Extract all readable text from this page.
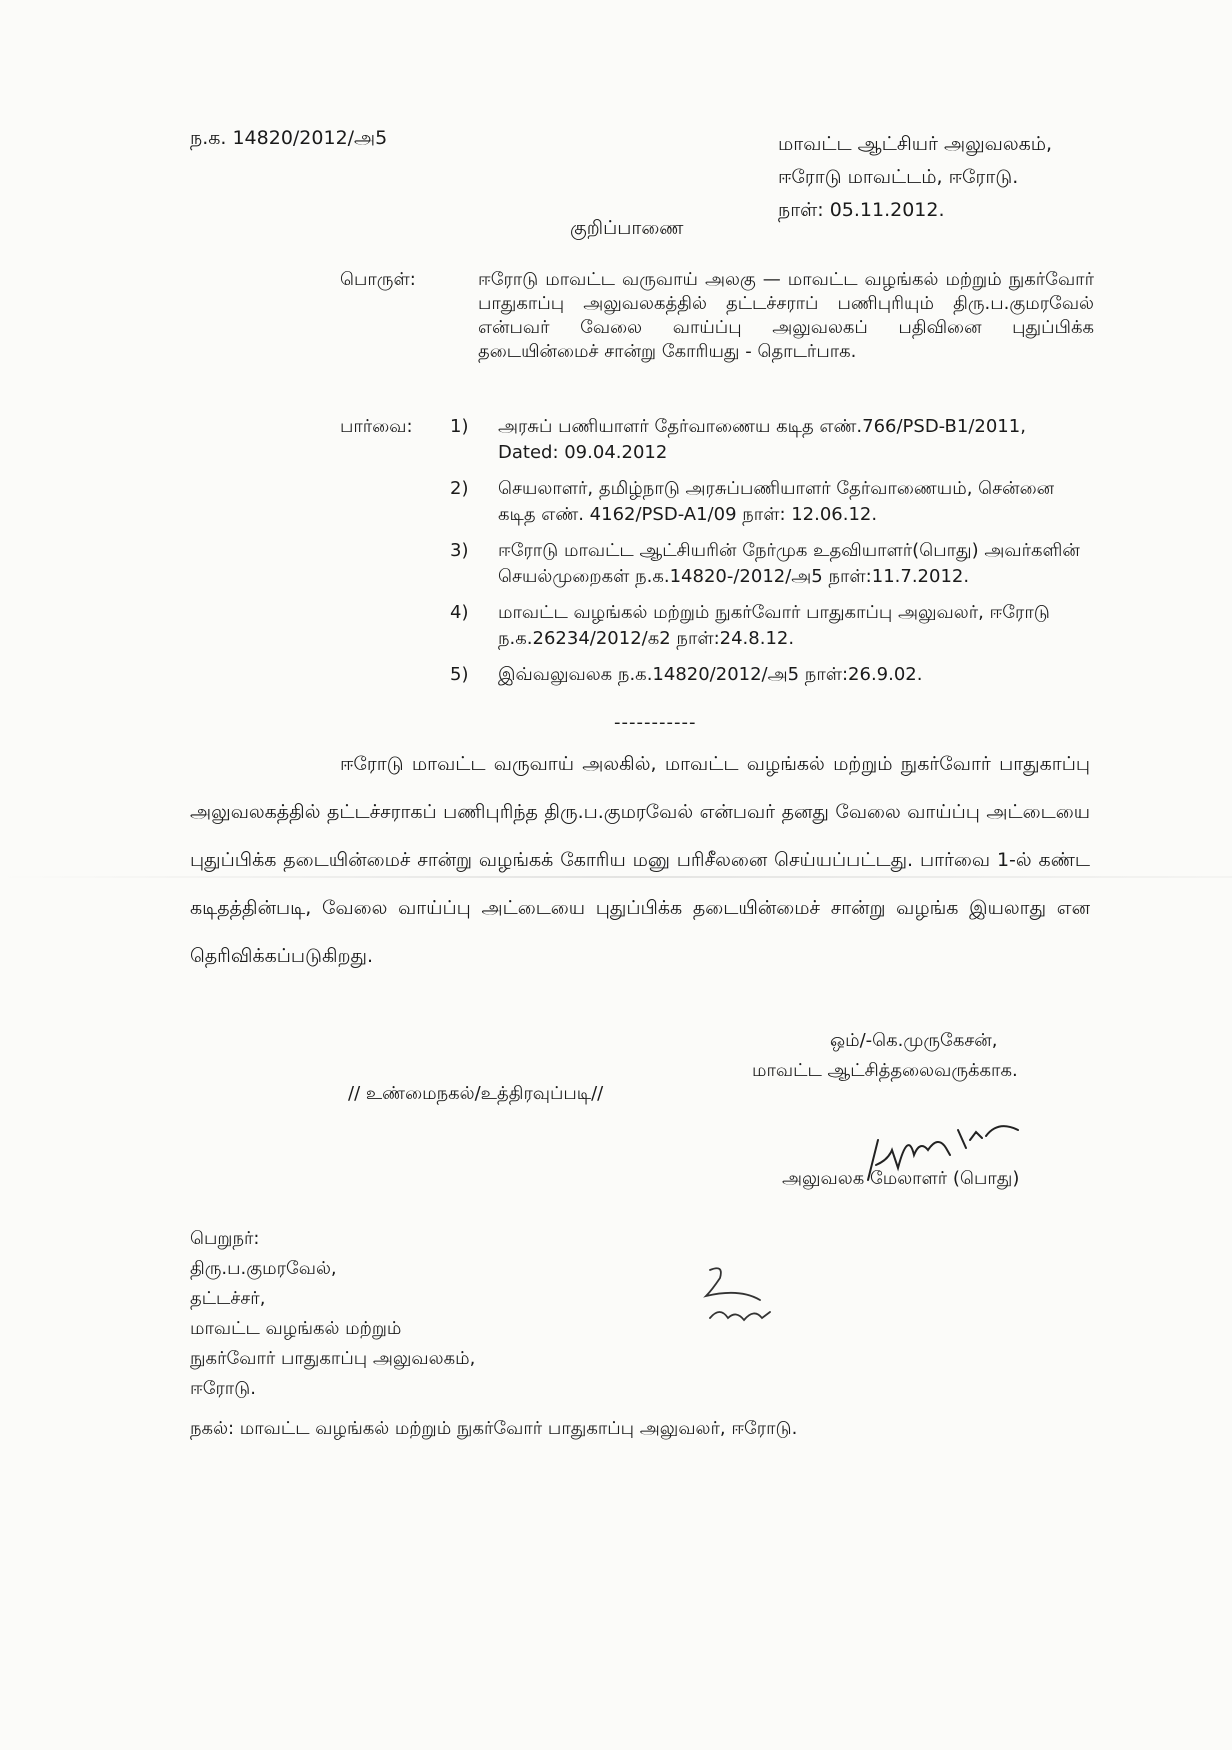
ந.க. 14820/2012/அ5	மாவட்ட ஆட்சியர் அலுவலகம்,
ஈரோடு மாவட்டம், ஈரோடு.
நாள்: 05.11.2012.
குறிப்பாணை
பொருள்:	ஈரோடு மாவட்ட வருவாய் அலகு — மாவட்ட வழங்கல் மற்றும் நுகர்வோர் பாதுகாப்பு அலுவலகத்தில் தட்டச்சராப் பணிபுரியும் திரு.ப.குமரவேல் என்பவர் வேலை வாய்ப்பு அலுவலகப் பதிவினை புதுப்பிக்க தடையின்மைச் சான்று கோரியது - தொடர்பாக.
பார்வை: 1) அரசுப் பணியாளர் தேர்வாணைய கடித எண்.766/PSD-B1/2011, Dated: 09.04.2012
2) செயலாளர், தமிழ்நாடு அரசுப்பணியாளர் தேர்வாணையம், சென்னை கடித எண். 4162/PSD-A1/09 நாள்: 12.06.12.
3) ஈரோடு மாவட்ட ஆட்சியரின் நேர்முக உதவியாளர்(பொது) அவர்களின் செயல்முறைகள் ந.க.14820-/2012/அ5 நாள்:11.7.2012.
4) மாவட்ட வழங்கல் மற்றும் நுகர்வோர் பாதுகாப்பு அலுவலர், ஈரோடு ந.க.26234/2012/க2 நாள்:24.8.12.
5) இவ்வலுவலக ந.க.14820/2012/அ5 நாள்:26.9.02.
-----------
ஈரோடு மாவட்ட வருவாய் அலகில், மாவட்ட வழங்கல் மற்றும் நுகர்வோர் பாதுகாப்பு அலுவலகத்தில் தட்டச்சராகப் பணிபுரிந்த திரு.ப.குமரவேல் என்பவர் தனது வேலை வாய்ப்பு அட்டையை புதுப்பிக்க தடையின்மைச் சான்று வழங்கக் கோரிய மனு பரிசீலனை செய்யப்பட்டது. பார்வை 1-ல் கண்ட கடிதத்தின்படி, வேலை வாய்ப்பு அட்டையை புதுப்பிக்க தடையின்மைச் சான்று வழங்க இயலாது என தெரிவிக்கப்படுகிறது.
ஒம்/-கெ.முருகேசன்,
மாவட்ட ஆட்சித்தலைவருக்காக.
// உண்மைநகல்/உத்திரவுப்படி//
அலுவலக மேலாளர் (பொது)
பெறுநர்:
திரு.ப.குமரவேல்,
தட்டச்சர்,
மாவட்ட வழங்கல் மற்றும்
நுகர்வோர் பாதுகாப்பு அலுவலகம்,
ஈரோடு.
நகல்: மாவட்ட வழங்கல் மற்றும் நுகர்வோர் பாதுகாப்பு அலுவலர், ஈரோடு.
